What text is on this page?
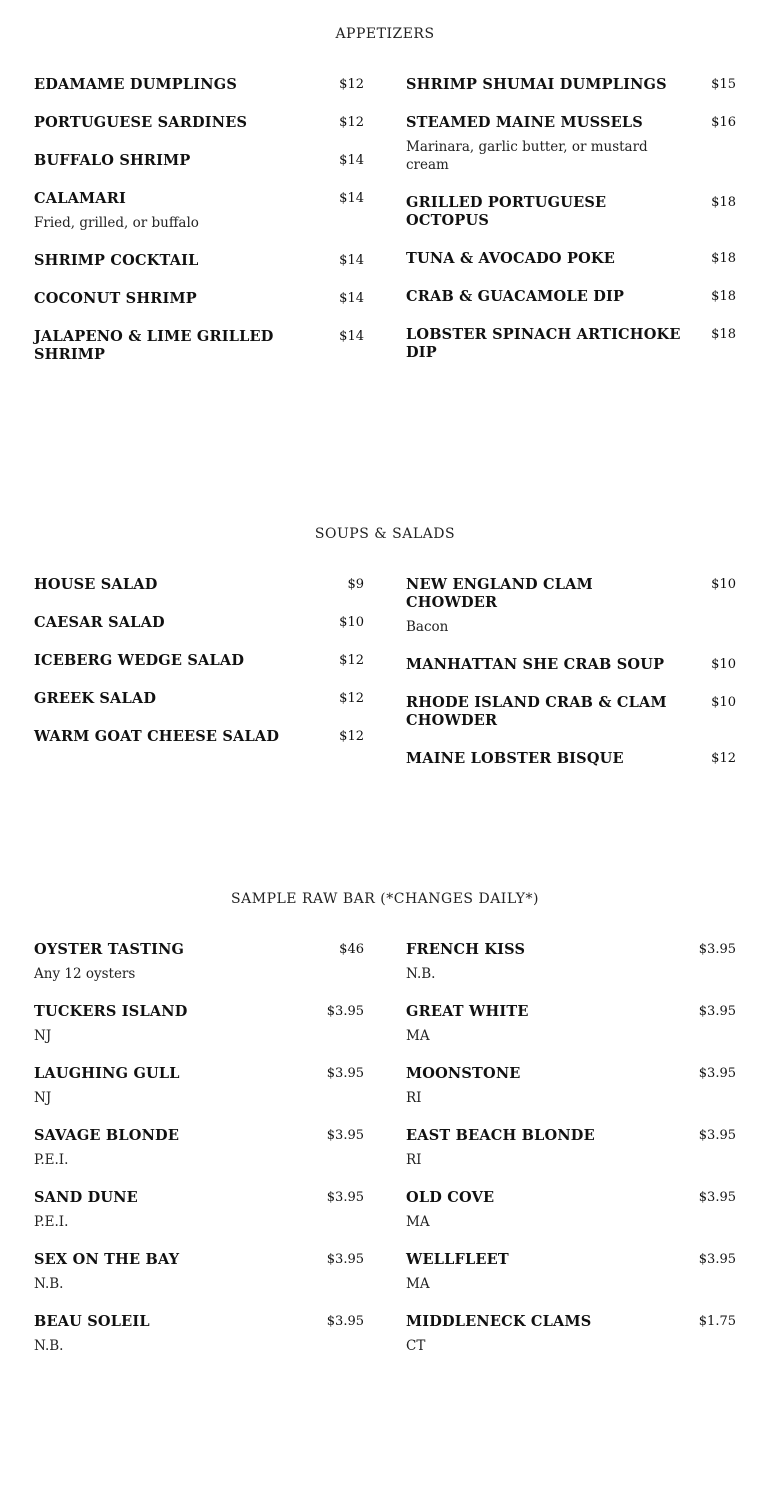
APPETIZERS
EDAMAME DUMPLINGS	$12
PORTUGUESE SARDINES	$12
BUFFALO SHRIMP	$14
CALAMARI	$14
Fried, grilled, or buffalo
SHRIMP COCKTAIL	$14
COCONUT SHRIMP	$14
JALAPENO & LIME GRILLED SHRIMP
$14
SHRIMP SHUMAI DUMPLINGS	$15
STEAMED MAINE MUSSELS	$16
Marinara, garlic butter, or mustard cream
GRILLED PORTUGUESE OCTOPUS
$18
TUNA & AVOCADO POKE	$18
CRAB & GUACAMOLE DIP	$18
LOBSTER SPINACH ARTICHOKE DIP
$18
SOUPS & SALADS
HOUSE SALAD	$9
CAESAR SALAD	$10
ICEBERG WEDGE SALAD	$12
GREEK SALAD	$12
WARM GOAT CHEESE SALAD	$12
NEW ENGLAND CLAM CHOWDER
$10
Bacon
MANHATTAN SHE CRAB SOUP	$10
RHODE ISLAND CRAB & CLAM CHOWDER
$10
MAINE LOBSTER BISQUE	$12
SAMPLE RAW BAR (*CHANGES DAILY*)
OYSTER TASTING	$46
Any 12 oysters
TUCKERS ISLAND	$3.95
NJ
LAUGHING GULL	$3.95
NJ
SAVAGE BLONDE	$3.95
P.E.I.
SAND DUNE	$3.95
P.E.I.
SEX ON THE BAY	$3.95
N.B.
BEAU SOLEIL	$3.95
N.B.
FRENCH KISS	$3.95
N.B.
GREAT WHITE	$3.95
MA
MOONSTONE	$3.95
RI
EAST BEACH BLONDE	$3.95
RI
OLD COVE	$3.95
MA
WELLFLEET	$3.95
MA
MIDDLENECK CLAMS	$1.75
CT
